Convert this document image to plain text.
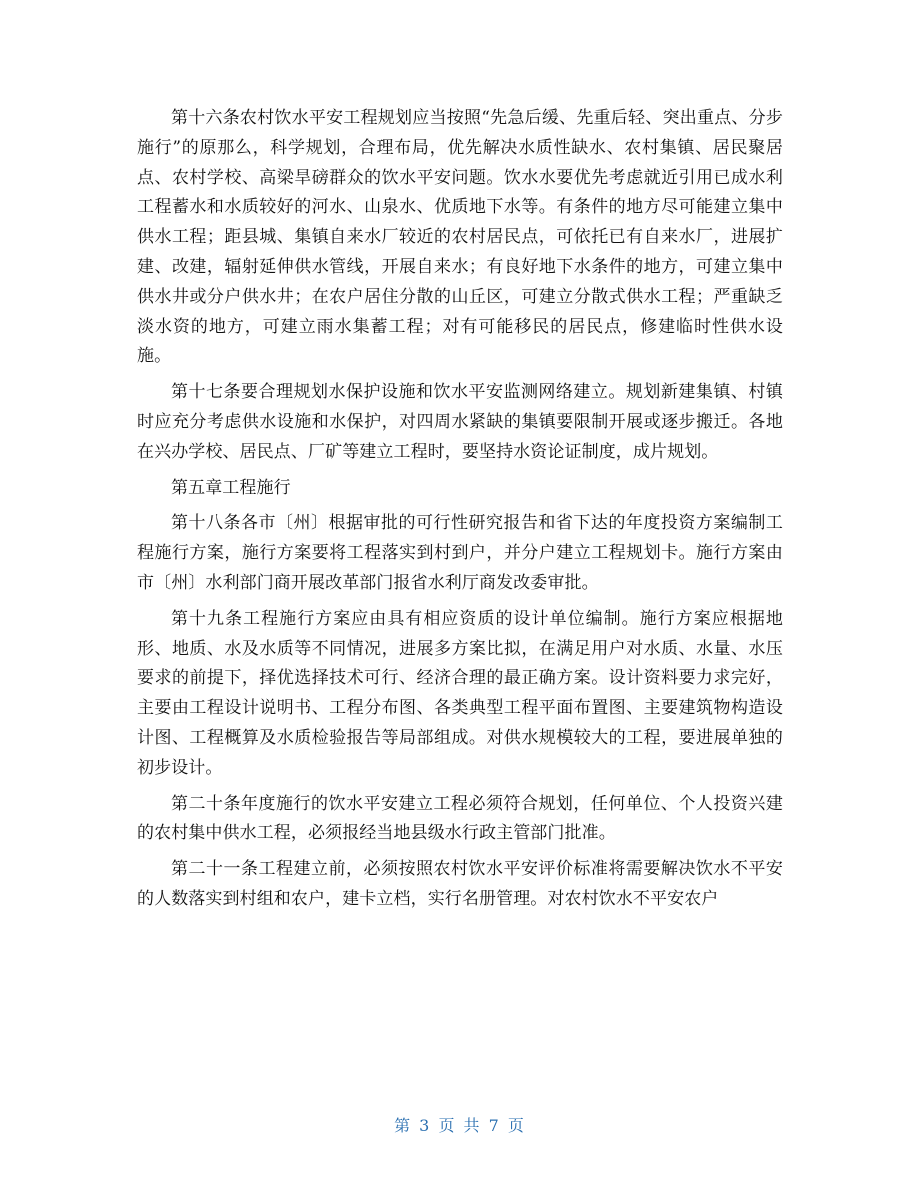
第十六条农村饮水平安工程规划应当按照“先急后缓、先重后轻、突出重点、分步施行”的原那么，科学规划，合理布局，优先解决水质性缺水、农村集镇、居民聚居点、农村学校、高梁旱磅群众的饮水平安问题。饮水水要优先考虑就近引用已成水利工程蓄水和水质较好的河水、山泉水、优质地下水等。有条件的地方尽可能建立集中供水工程；距县城、集镇自来水厂较近的农村居民点，可依托已有自来水厂，进展扩建、改建，辐射延伸供水管线，开展自来水；有良好地下水条件的地方，可建立集中供水井或分户供水井；在农户居住分散的山丘区，可建立分散式供水工程；严重缺乏淡水资的地方，可建立雨水集蓄工程；对有可能移民的居民点，修建临时性供水设施。

第十七条要合理规划水保护设施和饮水平安监测网络建立。规划新建集镇、村镇时应充分考虑供水设施和水保护，对四周水紧缺的集镇要限制开展或逐步搬迁。各地在兴办学校、居民点、厂矿等建立工程时，要坚持水资论证制度，成片规划。

第五章工程施行

第十八条各市〔州〕根据审批的可行性研究报告和省下达的年度投资方案编制工程施行方案，施行方案要将工程落实到村到户，并分户建立工程规划卡。施行方案由市〔州〕水利部门商开展改革部门报省水利厅商发改委审批。

第十九条工程施行方案应由具有相应资质的设计单位编制。施行方案应根据地形、地质、水及水质等不同情况，进展多方案比拟，在满足用户对水质、水量、水压要求的前提下，择优选择技术可行、经济合理的最正确方案。设计资料要力求完好，主要由工程设计说明书、工程分布图、各类典型工程平面布置图、主要建筑物构造设计图、工程概算及水质检验报告等局部组成。对供水规模较大的工程，要进展单独的初步设计。

第二十条年度施行的饮水平安建立工程必须符合规划，任何单位、个人投资兴建的农村集中供水工程，必须报经当地县级水行政主管部门批准。

第二十一条工程建立前，必须按照农村饮水平安评价标准将需要解决饮水不平安的人数落实到村组和农户，建卡立档，实行名册管理。对农村饮水不平安农户

第 3 页 共 7 页
